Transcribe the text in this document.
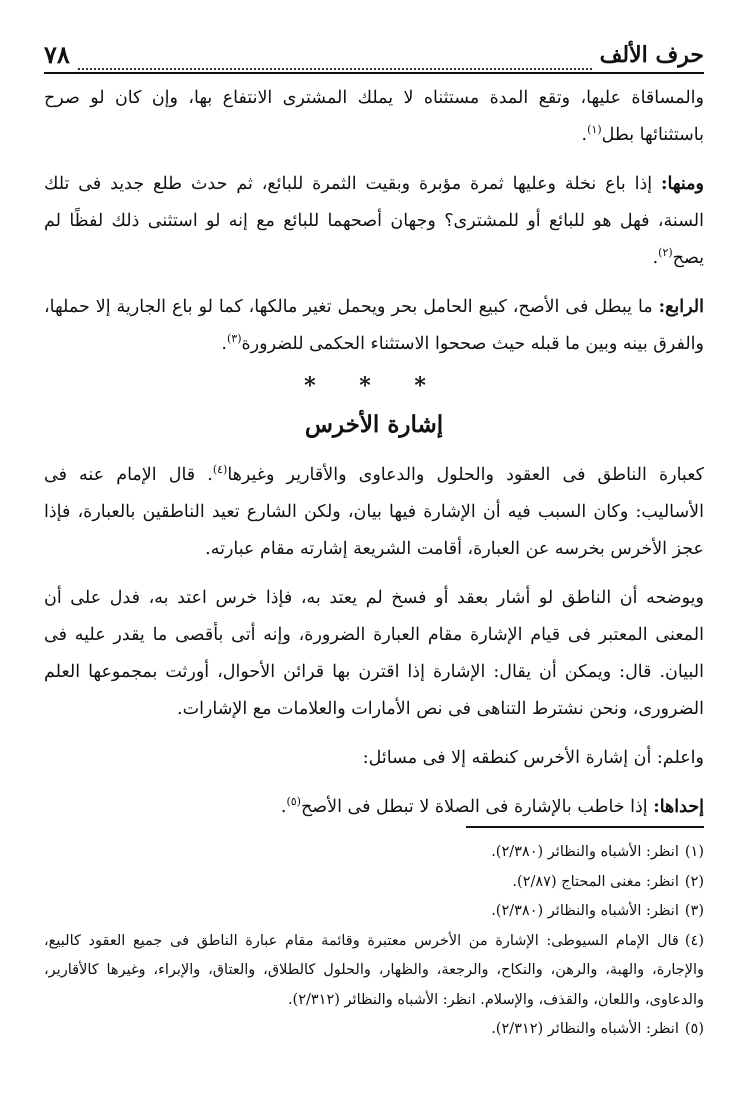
حرف الألف
٧٨

والمساقاة عليها، وتقع المدة مستثناه لا يملك المشترى الانتفاع بها، وإن كان لو صرح باستثنائها بطل$^{(١)}$.

ومنها: إذا باع نخلة وعليها ثمرة مؤبرة وبقيت الثمرة للبائع، ثم حدث طلع جديد فى تلك السنة، فهل هو للبائع أو للمشترى؟ وجهان أصحهما للبائع مع إنه لو استثنى ذلك لفظًا لم يصح$^{(٢)}$.

الرابع: ما يبطل فى الأصح، كبيع الحامل بحر ويحمل تغير مالكها، كما لو باع الجارية إلا حملها، والفرق بينه وبين ما قبله حيث صححوا الاستثناء الحكمى للضرورة$^{(٣)}$.

* * *
إشارة الأخرس

كعبارة الناطق فى العقود والحلول والدعاوى والأقارير وغيرها$^{(٤)}$. قال الإمام عنه فى الأساليب: وكان السبب فيه أن الإشارة فيها بيان، ولكن الشارع تعيد الناطقين بالعبارة، فإذا عجز الأخرس بخرسه عن العبارة، أقامت الشريعة إشارته مقام عبارته.

ويوضحه أن الناطق لو أشار بعقد أو فسخ لم يعتد به، فإذا خرس اعتد به، فدل على أن المعنى المعتبر فى قيام الإشارة مقام العبارة الضرورة، وإنه أتى بأقصى ما يقدر عليه فى البيان. قال: ويمكن أن يقال: الإشارة إذا اقترن بها قرائن الأحوال، أورثت بمجموعها العلم الضرورى، ونحن نشترط التناهى فى نص الأمارات والعلامات مع الإشارات.

واعلم: أن إشارة الأخرس كنطقه إلا فى مسائل:

إحداها: إذا خاطب بالإشارة فى الصلاة لا تبطل فى الأصح$^{(٥)}$.

(١)انظر: الأشباه والنظائر (٢/٣٨٠).

(٢)انظر: مغنى المحتاج (٢/٨٧).

(٣)انظر: الأشباه والنظائر (٢/٣٨٠).

(٤)قال الإمام السيوطى: الإشارة من الأخرس معتبرة وقائمة مقام عبارة الناطق فى جميع العقود كالبيع، والإجارة، والهبة، والرهن، والنكاح، والرجعة، والظهار، والحلول كالطلاق، والعتاق، والإبراء، وغيرها كالأقارير، والدعاوى، واللعان، والقذف، والإسلام. انظر: الأشباه والنظائر (٢/٣١٢).

(٥)انظر: الأشباه والنظائر (٢/٣١٢).
